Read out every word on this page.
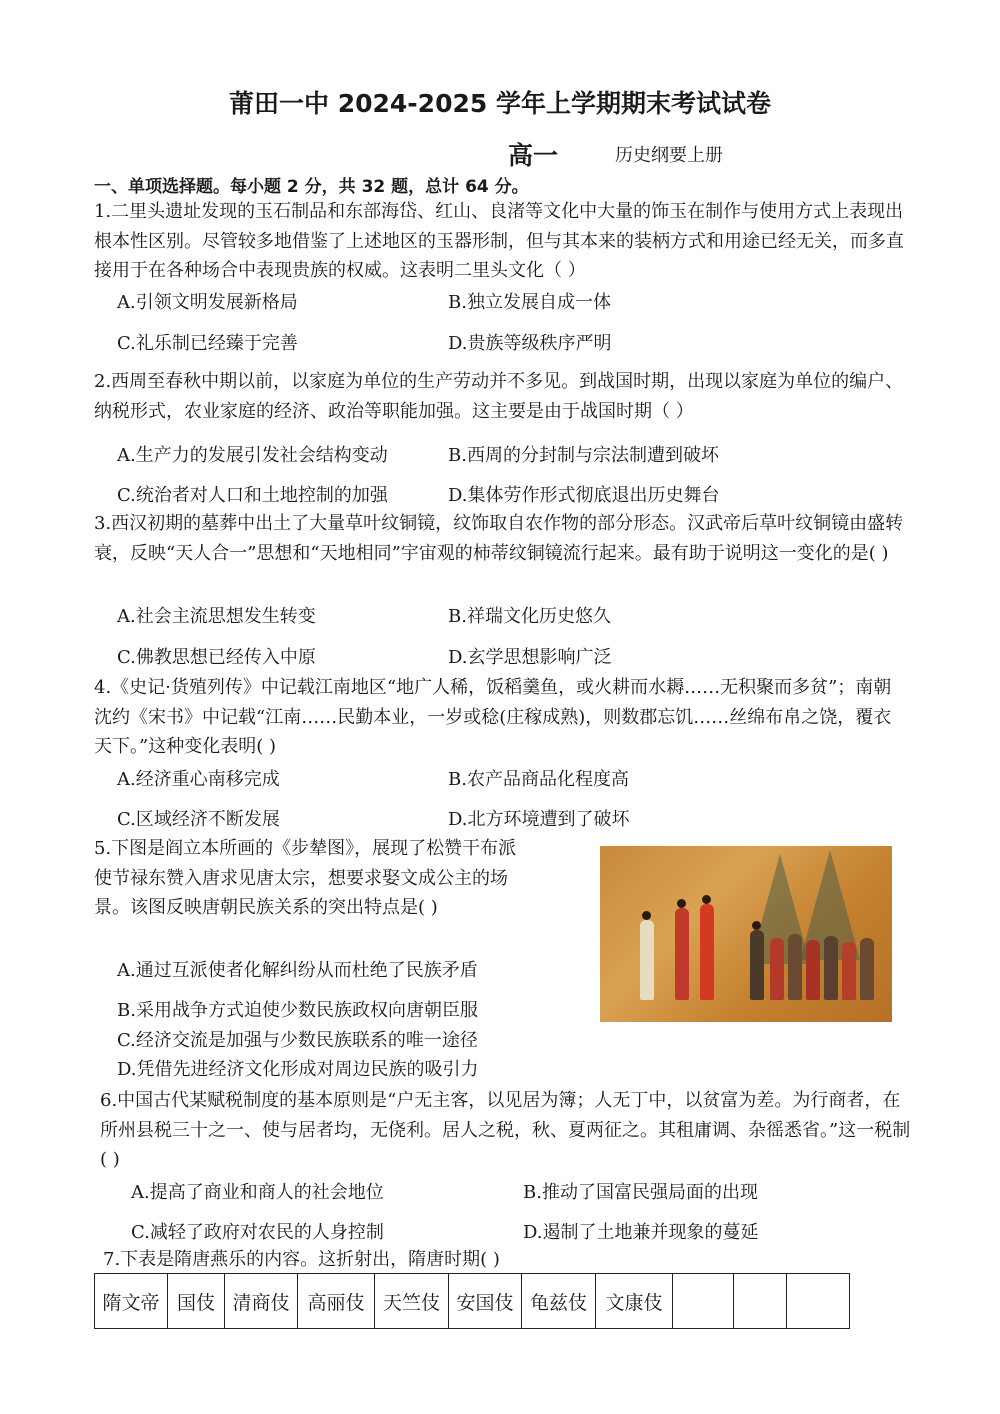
莆田一中 2024-2025 学年上学期期末考试试卷
高一	历史纲要上册
一、单项选择题。每小题 2 分，共 32 题，总计 64 分。
1.二里头遗址发现的玉石制品和东部海岱、红山、良渚等文化中大量的饰玉在制作与使用方式上表现出根本性区别。尽管较多地借鉴了上述地区的玉器形制，但与其本来的装柄方式和用途已经无关，而多直接用于在各种场合中表现贵族的权威。这表明二里头文化（ ）
A.引领文明发展新格局	B.独立发展自成一体
C.礼乐制已经臻于完善	D.贵族等级秩序严明
2.西周至春秋中期以前，以家庭为单位的生产劳动并不多见。到战国时期，出现以家庭为单位的编户、纳税形式，农业家庭的经济、政治等职能加强。这主要是由于战国时期（ ）
A.生产力的发展引发社会结构变动	B.西周的分封制与宗法制遭到破坏
C.统治者对人口和土地控制的加强	D.集体劳作形式彻底退出历史舞台
3.西汉初期的墓葬中出土了大量草叶纹铜镜，纹饰取自农作物的部分形态。汉武帝后草叶纹铜镜由盛转衰，反映“天人合一”思想和“天地相同”宇宙观的柿蒂纹铜镜流行起来。最有助于说明这一变化的是( )
A.社会主流思想发生转变	B.祥瑞文化历史悠久
C.佛教思想已经传入中原	D.玄学思想影响广泛
4.《史记·货殖列传》中记载江南地区“地广人稀，饭稻羹鱼，或火耕而水耨……无积聚而多贫”；南朝沈约《宋书》中记载“江南……民勤本业，一岁或稔(庄稼成熟)，则数郡忘饥……丝绵布帛之饶，覆衣天下。”这种变化表明( )
A.经济重心南移完成	B.农产品商品化程度高
C.区域经济不断发展	D.北方环境遭到了破坏
5.下图是阎立本所画的《步辇图》，展现了松赞干布派使节禄东赞入唐求见唐太宗，想要求娶文成公主的场景。该图反映唐朝民族关系的突出特点是( )
A.通过互派使者化解纠纷从而杜绝了民族矛盾
B.采用战争方式迫使少数民族政权向唐朝臣服
C.经济交流是加强与少数民族联系的唯一途径
D.凭借先进经济文化形成对周边民族的吸引力
6.中国古代某赋税制度的基本原则是“户无主客，以见居为簿；人无丁中，以贫富为差。为行商者，在所州县税三十之一、使与居者均，无侥利。居人之税，秋、夏两征之。其租庸调、杂徭悉省。”这一税制( )
A.提高了商业和商人的社会地位	B.推动了国富民强局面的出现
C.减轻了政府对农民的人身控制	D.遏制了土地兼并现象的蔓延
7.下表是隋唐燕乐的内容。这折射出，隋唐时期( )
隋文帝	国伎	清商伎	高丽伎	天竺伎	安国伎	龟兹伎	文康伎			
